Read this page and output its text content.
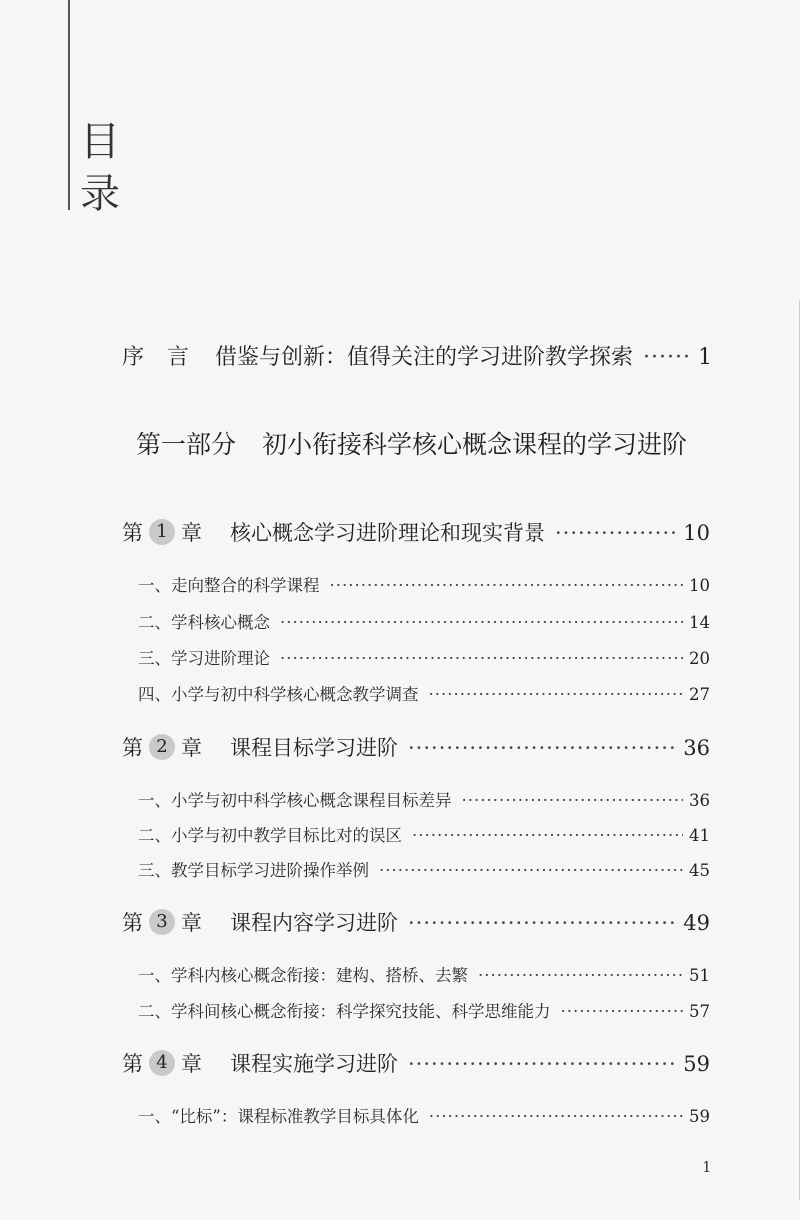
目
录
序 言 借鉴与创新：值得关注的学习进阶教学探索 ·····	1
第一部分 初小衔接科学核心概念课程的学习进阶
第 1 章 核心概念学习进阶理论和现实背景 ·····	10
一、走向整合的科学课程 ·····	10
二、学科核心概念 ·····	14
三、学习进阶理论 ·····	20
四、小学与初中科学核心概念教学调查 ·····	27
第 2 章 课程目标学习进阶 ·····	36
一、小学与初中科学核心概念课程目标差异 ·····	36
二、小学与初中教学目标比对的误区 ·····	41
三、教学目标学习进阶操作举例 ·····	45
第 3 章 课程内容学习进阶 ·····	49
一、学科内核心概念衔接：建构、搭桥、去繁 ·····	51
二、学科间核心概念衔接：科学探究技能、科学思维能力 ·····	57
第 4 章 课程实施学习进阶 ·····	59
一、“比标”：课程标准教学目标具体化 ·····	59
1
